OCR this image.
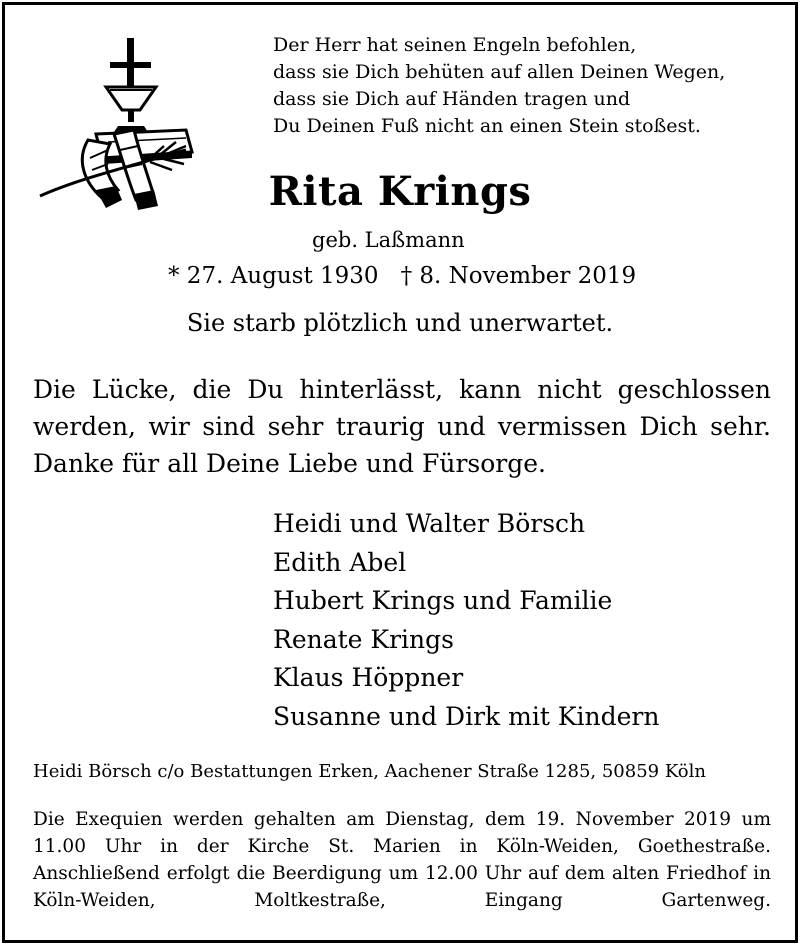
Der Herr hat seinen Engeln befohlen,
dass sie Dich behüten auf allen Deinen Wegen,
dass sie Dich auf Händen tragen und
Du Deinen Fuß nicht an einen Stein stoßest.
Rita Krings
geb. Laßmann
* 27. August 1930 † 8. November 2019
Sie starb plötzlich und unerwartet.
Die Lücke, die Du hinterlässt, kann nicht geschlossen werden, wir sind sehr traurig und vermissen Dich sehr. Danke für all Deine Liebe und Fürsorge.
Heidi und Walter Börsch
Edith Abel
Hubert Krings und Familie
Renate Krings
Klaus Höppner
Susanne und Dirk mit Kindern
Heidi Börsch c/o Bestattungen Erken, Aachener Straße 1285, 50859 Köln
Die Exequien werden gehalten am Dienstag, dem 19. November 2019 um 11.00 Uhr in der Kirche St. Marien in Köln-Weiden, Goethestraße. Anschließend erfolgt die Beerdigung um 12.00 Uhr auf dem alten Friedhof in Köln-Weiden, Moltkestraße, Eingang Gartenweg.
